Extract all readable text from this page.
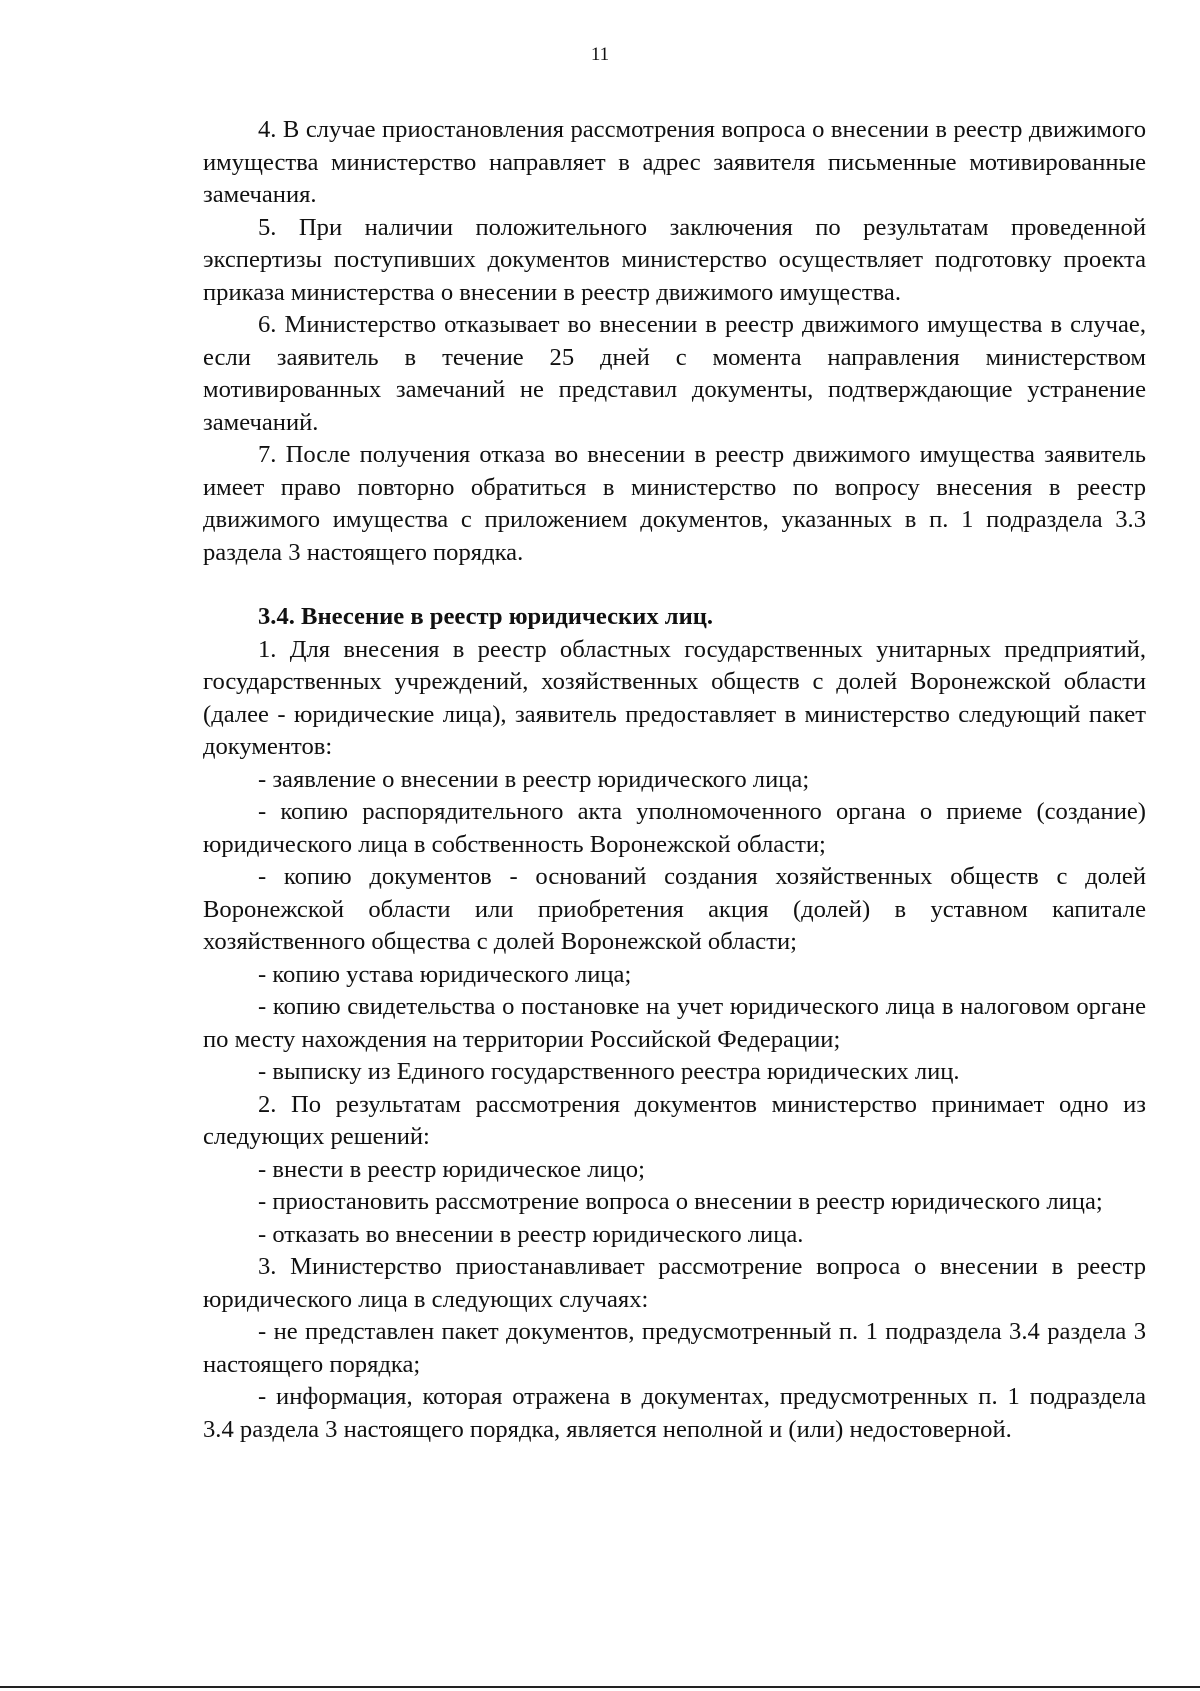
11

4. В случае приостановления рассмотрения вопроса о внесении в реестр движимого имущества министерство направляет в адрес заявителя письменные мотивированные замечания.

5. При наличии положительного заключения по результатам проведенной экспертизы поступивших документов министерство осуществляет подготовку проекта приказа министерства о внесении в реестр движимого имущества.

6. Министерство отказывает во внесении в реестр движимого имущества в случае, если заявитель в течение 25 дней с момента направления министерством мотивированных замечаний не представил документы, подтверждающие устранение замечаний.

7. После получения отказа во внесении в реестр движимого имущества заявитель имеет право повторно обратиться в министерство по вопросу внесения в реестр движимого имущества с приложением документов, указанных в п. 1 подраздела 3.3 раздела 3 настоящего порядка.

3.4. Внесение в реестр юридических лиц.

1. Для внесения в реестр областных государственных унитарных предприятий, государственных учреждений, хозяйственных обществ с долей Воронежской области (далее - юридические лица), заявитель предоставляет в министерство следующий пакет документов:

- заявление о внесении в реестр юридического лица;

- копию распорядительного акта уполномоченного органа о приеме (создание) юридического лица в собственность Воронежской области;

- копию документов - оснований создания хозяйственных обществ с долей Воронежской области или приобретения акция (долей) в уставном капитале хозяйственного общества с долей Воронежской области;

- копию устава юридического лица;

- копию свидетельства о постановке на учет юридического лица в налоговом органе по месту нахождения на территории Российской Федерации;

- выписку из Единого государственного реестра юридических лиц.

2. По результатам рассмотрения документов министерство принимает одно из следующих решений:

- внести в реестр юридическое лицо;

- приостановить рассмотрение вопроса о внесении в реестр юридического лица;

- отказать во внесении в реестр юридического лица.

3. Министерство приостанавливает рассмотрение вопроса о внесении в реестр юридического лица в следующих случаях:

- не представлен пакет документов, предусмотренный п. 1 подраздела 3.4 раздела 3 настоящего порядка;

- информация, которая отражена в документах, предусмотренных п. 1 подраздела 3.4 раздела 3 настоящего порядка, является неполной и (или) недостоверной.
